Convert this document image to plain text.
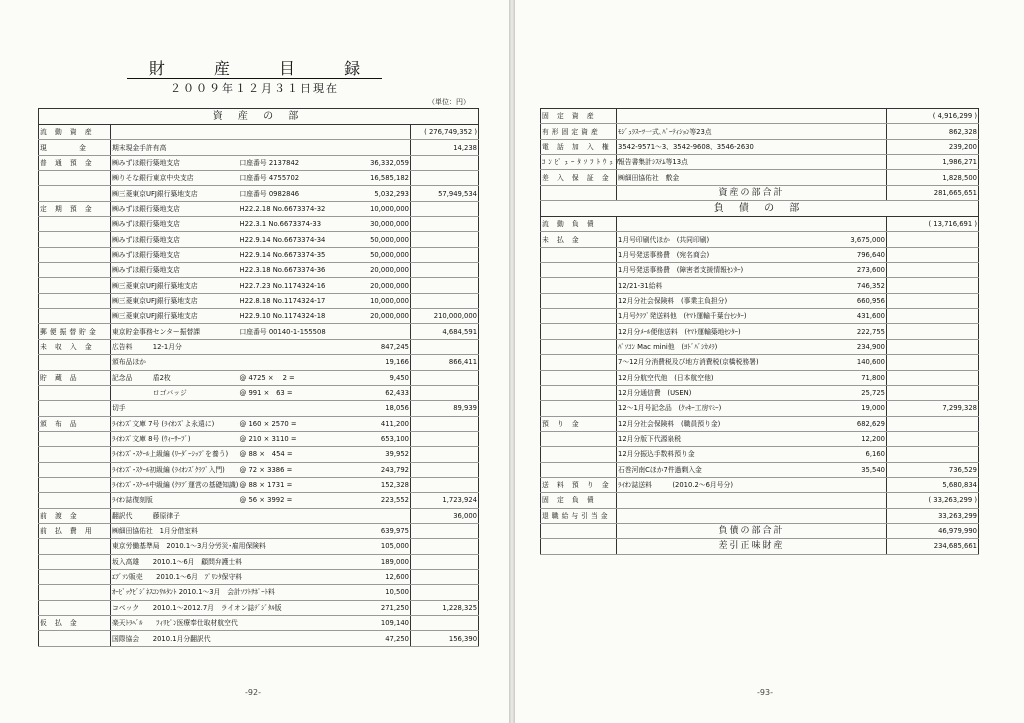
財 産 目 録
２００９年１２月３１日現在
（単位：円）
資 産 の 部				
流 動 資 産				( 276,749,352 )
現　　　金	期末現金手許有高			14,238
普 通 預 金	㈱みずほ銀行築地支店	口座番号 2137842	36,332,059	
	㈱りそな銀行東京中央支店	口座番号 4755702	16,585,182	
	㈱三菱東京UFJ銀行築地支店	口座番号 0982846	5,032,293	57,949,534
定 期 預 金	㈱みずほ銀行築地支店	H22.2.18 No.6673374-32	10,000,000	
	㈱みずほ銀行築地支店	H22.3.1 No.6673374-33	30,000,000	
	㈱みずほ銀行築地支店	H22.9.14 No.6673374-34	50,000,000	
	㈱みずほ銀行築地支店	H22.9.14 No.6673374-35	50,000,000	
	㈱みずほ銀行築地支店	H22.3.18 No.6673374-36	20,000,000	
	㈱三菱東京UFJ銀行築地支店	H22.7.23 No.1174324-16	20,000,000	
	㈱三菱東京UFJ銀行築地支店	H22.8.18 No.1174324-17	10,000,000	
	㈱三菱東京UFJ銀行築地支店	H22.9.10 No.1174324-18	20,000,000	210,000,000
郵便振替貯金	東京貯金事務センター振替課	口座番号 00140-1-155508		4,684,591
未 収 入 金	広告料　　　12-1月分		847,245	
	頒布品ほか		19,166	866,411
貯 蔵 品	記念品　　　盾2枚	@ 4725 ×　 2 =	9,450	
	　　　　　　ロゴバッジ	@ 991 ×　63 =	62,433	
	切手		18,056	89,939
頒 布 品	ﾗｲｵﾝｽﾞ文庫 7号 (ﾗｲｵﾝｽﾞよ永遠に)	@ 160 × 2570 =	411,200	
	ﾗｲｵﾝｽﾞ文庫 8号 (ｳｨｰｻｰﾌﾞ)	@ 210 × 3110 =	653,100	
	ﾗｲｵﾝｽﾞ･ｽｸｰﾙ上級編 (ﾘｰﾀﾞｰｼｯﾌﾟを養う)	@ 88 ×　454 =	39,952	
	ﾗｲｵﾝｽﾞ･ｽｸｰﾙ初級編 (ﾗｲｵﾝｽﾞｸﾗﾌﾞ入門)	@ 72 × 3386 =	243,792	
	ﾗｲｵﾝｽﾞ･ｽｸｰﾙ中級編 (ｸﾗﾌﾞ運営の基礎知識)	@ 88 × 1731 =	152,328	
	ﾗｲｵﾝ誌復刻版	@ 56 × 3992 =	223,552	1,723,924
前 渡 金	翻訳代　　　藤原律子			36,000
前 払 費 用	㈱細田協佑社　1月分借室料		639,975	
	東京労働基準局　2010.1～3月分労災･雇用保険料		105,000	
	坂入高雄　　2010.1～6月　顧問弁護士料		189,000	
	ｴﾌﾞｿﾝ販売　　2010.1～6月　ﾌﾟﾘﾝﾀ保守料		12,600	
	ｵｰﾋﾞｯｸﾋﾞｼﾞﾈｽｺﾝｻﾙﾀﾝﾄ 2010.1～3月　会計ｿﾌﾄｻﾎﾟｰﾄ料		10,500	
	コベック　　2010.1～2012.7月　ライオン誌ﾃﾞｼﾞﾀﾙ版		271,250	1,228,325
仮 払 金	楽天ﾄﾗﾍﾞﾙ　　ﾌｨﾘﾋﾟﾝ医療奉仕取材航空代		109,140	
	国際協会　　2010.1月分翻訳代		47,250	156,390
-92-
固 定 資 産				( 4,916,299 )
有形固定資産	ﾓｼﾞｭﾗｽｰﾂ一式､ﾊﾟｰﾃｨｼｮﾝ等23点			862,328
電 話 加 入 権	3542-9571～3、3542-9608、3546-2630			239,200
ｺﾝﾋﾟｭｰﾀｿﾌﾄｳｪｱ	報告書集計ｼｽﾃﾑ等13点			1,986,271
差 入 保 証 金	㈱細田協佑社　敷金			1,828,500
	資産の部合計			281,665,651
負 債 の 部				
流 動 負 債				( 13,716,691 )
未 払 金	1月号印刷代ほか　(共同印刷)		3,675,000	
	1月号発送事務費　(宛名商会)		796,640	
	1月号発送事務費　(障害者支援情報ｾﾝﾀｰ)		273,600	
	12/21-31給料		746,352	
	12月分社会保険料　(事業主負担分)		660,956	
	1月号ｸﾗﾌﾞ発送料他　(ﾔﾏﾄ運輸千葉台ｾﾝﾀｰ)		431,600	
	12月分ﾒｰﾙ便他送料　(ﾔﾏﾄ運輸築地ｾﾝﾀｰ)		222,755	
	ﾊﾟｿｺﾝ Mac mini他　(ﾖﾄﾞﾊﾞｼｶﾒﾗ)		234,900	
	7～12月分消費税及び地方消費税(京橋税務署)		140,600	
	12月分航空代他　(日本航空他)		71,800	
	12月分通信費　(USEN)		25,725	
	12～1月号記念品　(ｸｯｷｰ工房ﾏﾐｰ)		19,000	7,299,328
預 り 金	12月分社会保険料　(職員預り金)		682,629	
	12月分版下代源泉税		12,200	
	12月分振込手数料預り金		6,160	
	石巻河南Cほか7件過剰入金		35,540	736,529
送 料 預 り 金	ﾗｲｵﾝ誌送料　　　(2010.2～6月号分)			5,680,834
固 定 負 債				( 33,263,299 )
退職給与引当金				33,263,299
	負債の部合計			46,979,990
	差引正味財産			234,685,661
-93-
